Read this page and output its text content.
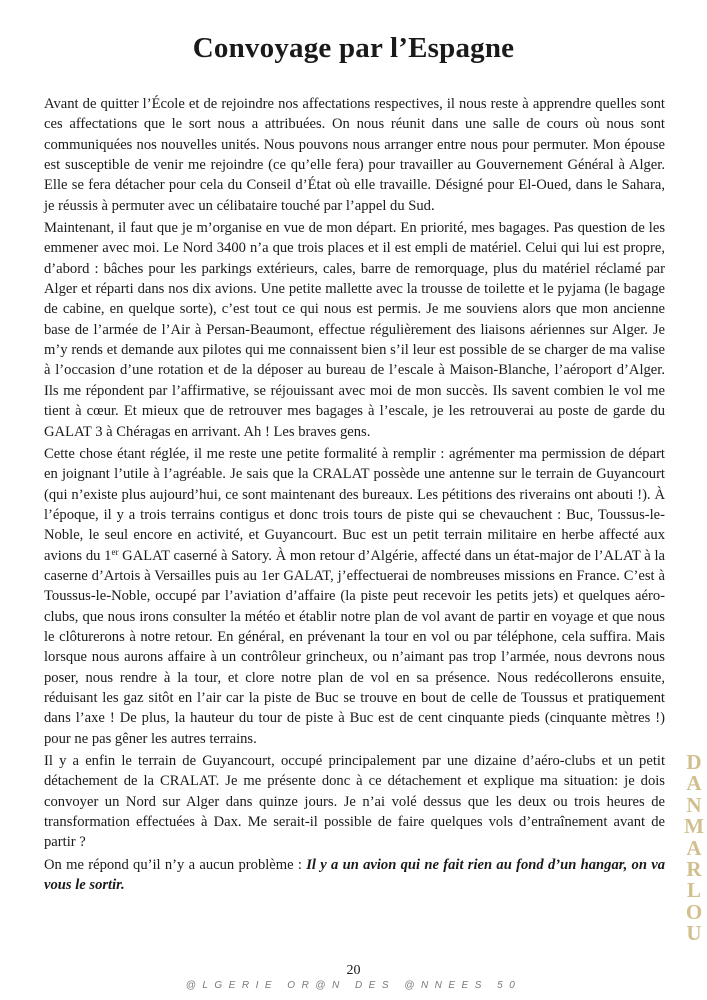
Convoyage par l’Espagne

Avant de quitter l’École et de rejoindre nos affectations respectives, il nous reste à apprendre quelles sont ces affectations que le sort nous a attribuées. On nous réunit dans une salle de cours où nous sont communiquées nos nouvelles unités. Nous pouvons nous arranger entre nous pour permuter. Mon épouse est susceptible de venir me rejoindre (ce qu’elle fera) pour travailler au Gouvernement Général à Alger. Elle se fera détacher pour cela du Conseil d’État où elle travaille. Désigné pour El-Oued, dans le Sahara, je réussis à permuter avec un célibataire touché par l’appel du Sud.

Maintenant, il faut que je m’organise en vue de mon départ. En priorité, mes bagages. Pas question de les emmener avec moi. Le Nord 3400 n’a que trois places et il est empli de matériel. Celui qui lui est propre, d’abord : bâches pour les parkings extérieurs, cales, barre de remorquage, plus du matériel réclamé par Alger et réparti dans nos dix avions. Une petite mallette avec la trousse de toilette et le pyjama (le bagage de cabine, en quelque sorte), c’est tout ce qui nous est permis. Je me souviens alors que mon ancienne base de l’armée de l’Air à Persan-Beaumont, effectue régulièrement des liaisons aériennes sur Alger. Je m’y rends et demande aux pilotes qui me connaissent bien s’il leur est possible de se charger de ma valise à l’occasion d’une rotation et de la déposer au bureau de l’escale à Maison-Blanche, l’aéroport d’Alger. Ils me répondent par l’affirmative, se réjouissant avec moi de mon succès. Ils savent combien le vol me tient à cœur. Et mieux que de retrouver mes bagages à l’escale, je les retrouverai au poste de garde du GALAT 3 à Chéragas en arrivant. Ah ! Les braves gens.

Cette chose étant réglée, il me reste une petite formalité à remplir : agrémenter ma permission de départ en joignant l’utile à l’agréable. Je sais que la CRALAT possède une antenne sur le terrain de Guyancourt (qui n’existe plus aujourd’hui, ce sont maintenant des bureaux. Les pétitions des riverains ont abouti !). À l’époque, il y a trois terrains contigus et donc trois tours de piste qui se chevauchent : Buc, Toussus-le-Noble, le seul encore en activité, et Guyancourt. Buc est un petit terrain militaire en herbe affecté aux avions du 1er GALAT caserné à Satory. À mon retour d’Algérie, affecté dans un état-major de l’ALAT à la caserne d’Artois à Versailles puis au 1er GALAT, j’effectuerai de nombreuses missions en France. C’est à Toussus-le-Noble, occupé par l’aviation d’affaire (la piste peut recevoir les petits jets) et quelques aéro-clubs, que nous irons consulter la météo et établir notre plan de vol avant de partir en voyage et que nous le clôturerons à notre retour. En général, en prévenant la tour en vol ou par téléphone, cela suffira. Mais lorsque nous aurons affaire à un contrôleur grincheux, ou n’aimant pas trop l’armée, nous devrons nous poser, nous rendre à la tour, et clore notre plan de vol en sa présence. Nous redécollerons ensuite, réduisant les gaz sitôt en l’air car la piste de Buc se trouve en bout de celle de Toussus et pratiquement dans l’axe ! De plus, la hauteur du tour de piste à Buc est de cent cinquante pieds (cinquante mètres !) pour ne pas gêner les autres terrains.

Il y a enfin le terrain de Guyancourt, occupé principalement par une dizaine d’aéro-clubs et un petit détachement de la CRALAT. Je me présente donc à ce détachement et explique ma situation: je dois convoyer un Nord sur Alger dans quinze jours. Je n’ai volé dessus que les deux ou trois heures de transformation effectuées à Dax. Me serait-il possible de faire quelques vols d’entraînement avant de partir ?

On me répond qu’il n’y a aucun problème : Il y a un avion qui ne fait rien au fond d’un hangar, on va vous le sortir.

D
A
N
M
A
R
L
O
U
20
@LGERIE OR@N DES @NNEES 50
